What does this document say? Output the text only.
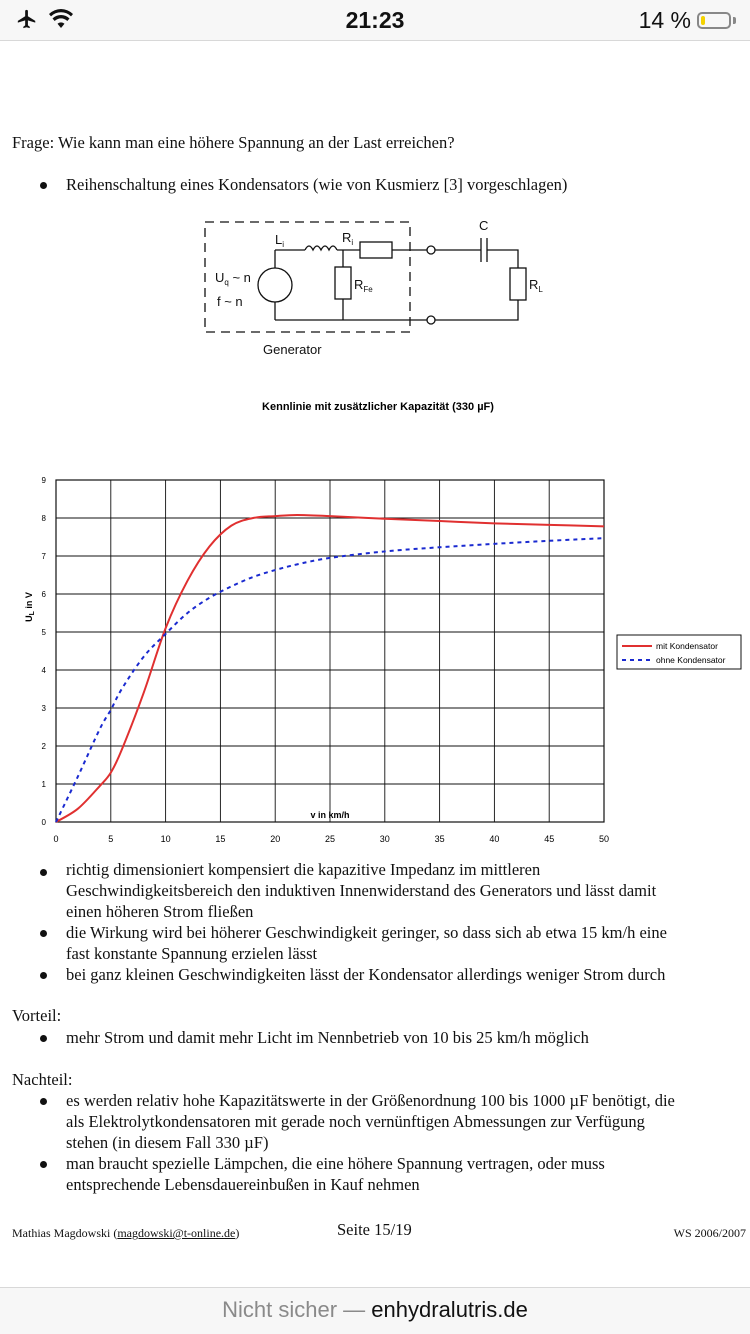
21:23	14 %
Frage: Wie kann man eine höhere Spannung an der Last erreichen?
Reihenschaltung eines Kondensators (wie von Kusmierz [3] vorgeschlagen)
$L_i$	$R_i$
C
$U_q$ ~ n
f ~ n
$R_{Fe}$	$R_L$
Generator
Kennlinie mit zusätzlicher Kapazität (330 µF)
0	5	10	15	20	25	30	35	40	45	50
0
1
2
3
4
5
6
7
8
9
v in km/h
$U_L$ in V
mit Kondensator
ohne Kondensator
richtig dimensioniert kompensiert die kapazitive Impedanz im mittleren
Geschwindigkeitsbereich den induktiven Innenwiderstand des Generators und lässt damit
einen höheren Strom fließen
die Wirkung wird bei höherer Geschwindigkeit geringer, so dass sich ab etwa 15 km/h eine
fast konstante Spannung erzielen lässt
bei ganz kleinen Geschwindigkeiten lässt der Kondensator allerdings weniger Strom durch
Vorteil:
mehr Strom und damit mehr Licht im Nennbetrieb von 10 bis 25 km/h möglich
Nachteil:
es werden relativ hohe Kapazitätswerte in der Größenordnung 100 bis 1000 µF benötigt, die
als Elektrolytkondensatoren mit gerade noch vernünftigen Abmessungen zur Verfügung
stehen (in diesem Fall 330 µF)
man braucht spezielle Lämpchen, die eine höhere Spannung vertragen, oder muss
entsprechende Lebensdauereinbußen in Kauf nehmen
Mathias Magdowski (magdowski@t-online.de)	Seite 15/19	WS 2006/2007
Nicht sicher — enhydralutris.de
